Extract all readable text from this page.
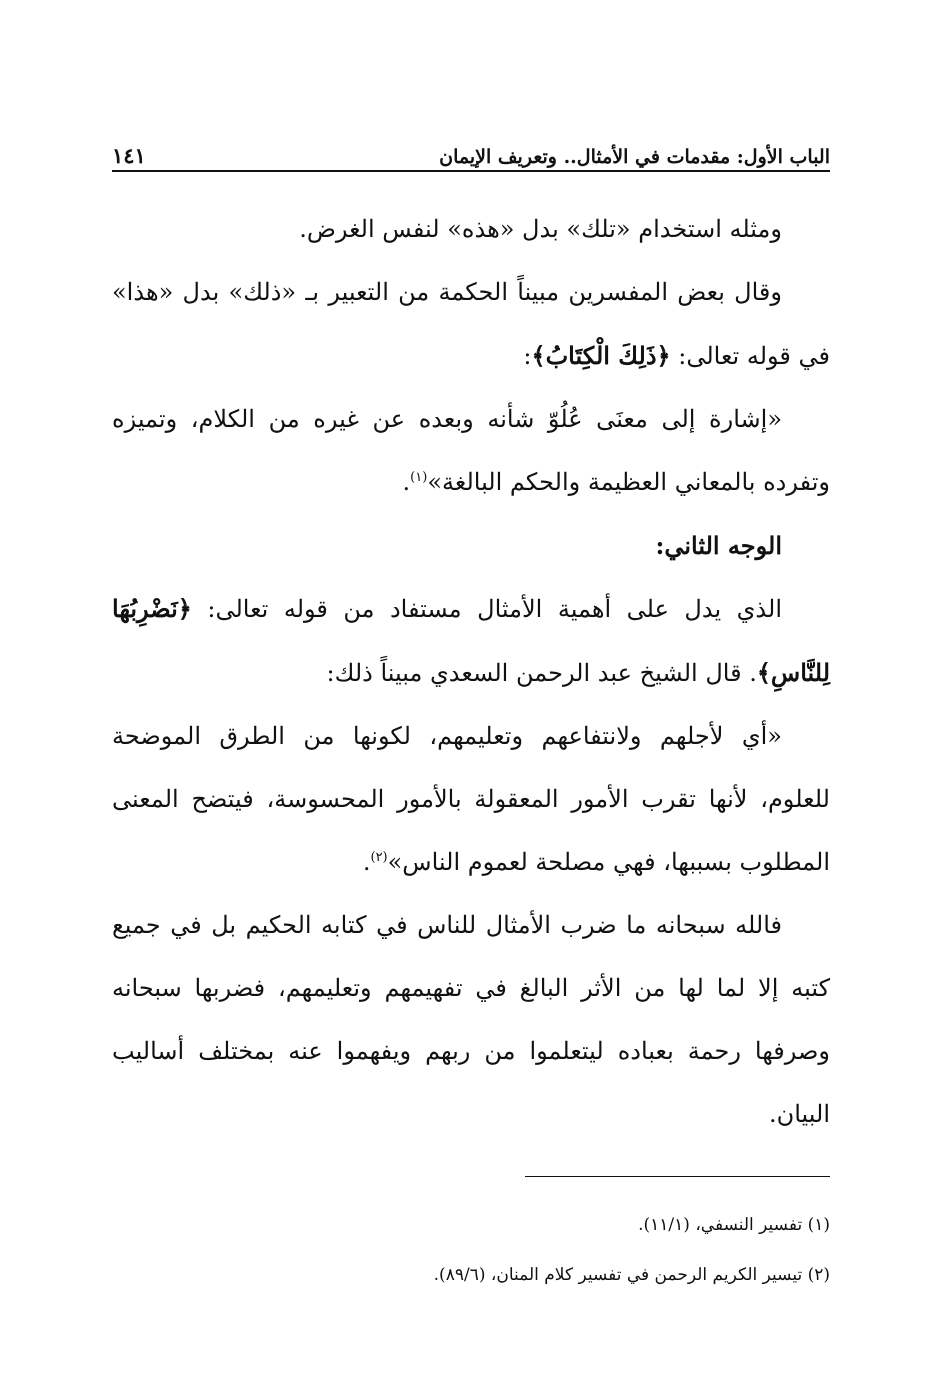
الباب الأول: مقدمات في الأمثال.. وتعريف الإيمان
١٤١

ومثله استخدام «تلك» بدل «هذه» لنفس الغرض.

وقال بعض المفسرين مبيناً الحكمة من التعبير بـ «ذلك» بدل «هذا» في قوله تعالى: ﴿ذَلِكَ الْكِتَابُ﴾:

«إشارة إلى معنَى عُلُوّ شأنه وبعده عن غيره من الكلام، وتميزه وتفرده بالمعاني العظيمة والحكم البالغة»$^{(١)}$.

الوجه الثاني:

الذي يدل على أهمية الأمثال مستفاد من قوله تعالى: ﴿نَضْرِبُهَا لِلنَّاسِ﴾. قال الشيخ عبد الرحمن السعدي مبيناً ذلك:

«أي لأجلهم ولانتفاعهم وتعليمهم، لكونها من الطرق الموضحة للعلوم، لأنها تقرب الأمور المعقولة بالأمور المحسوسة، فيتضح المعنى المطلوب بسببها، فهي مصلحة لعموم الناس»$^{(٢)}$.

فالله سبحانه ما ضرب الأمثال للناس في كتابه الحكيم بل في جميع كتبه إلا لما لها من الأثر البالغ في تفهيمهم وتعليمهم، فضربها سبحانه وصرفها رحمة بعباده ليتعلموا من ربهم ويفهموا عنه بمختلف أساليب البيان.

(١) تفسير النسفي، (١١/١).

(٢) تيسير الكريم الرحمن في تفسير كلام المنان، (٨٩/٦).
